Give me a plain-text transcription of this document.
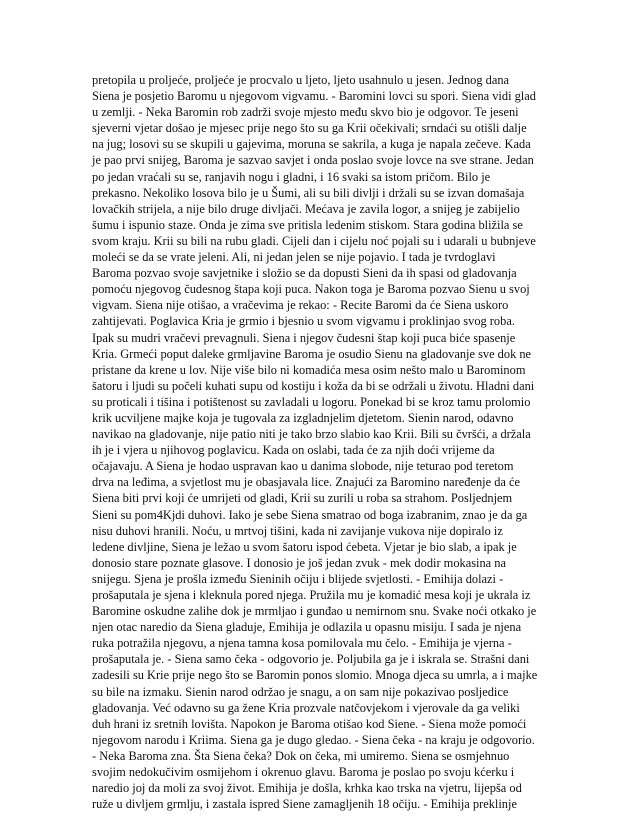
pretopila u proljeće, proljeće je procvalo u ljeto, ljeto usahnulo u jesen. Jednog dana
Siena je posjetio Baromu u njegovom vigvamu. - Baromini lovci su spori. Siena vidi glad
u zemlji. - Neka Baromin rob zadrži svoje mjesto među skvo bio je odgovor. Te jeseni
sjeverni vjetar došao je mjesec prije nego što su ga Krii očekivali; srndaći su otišli dalje
na jug; losovi su se skupili u gajevima, moruna se sakrila, a kuga je napala zečeve. Kada
je pao prvi snijeg, Baroma je sazvao savjet i onda poslao svoje lovce na sve strane. Jedan
po jedan vraćali su se, ranjavih nogu i gladni, i 16 svaki sa istom pričom. Bilo je
prekasno. Nekoliko losova bilo je u Šumi, ali su bili divlji i držali su se izvan domašaja
lovačkih strijela, a nije bilo druge divljači. Mećava je zavila logor, a snijeg je zabijelio
šumu i ispunio staze. Onda je zima sve pritisla ledenim stiskom. Stara godina bližila se
svom kraju. Krii su bili na rubu gladi. Cijeli dan i cijelu noć pojali su i udarali u bubnjeve
moleći se da se vrate jeleni. Ali, ni jedan jelen se nije pojavio. I tada je tvrdoglavi
Baroma pozvao svoje savjetnike i složio se da dopusti Sieni da ih spasi od gladovanja
pomoću njegovog čudesnog štapa koji puca. Nakon toga je Baroma pozvao Sienu u svoj
vigvam. Siena nije otišao, a vračevima je rekao: - Recite Baromi da će Siena uskoro
zahtijevati. Poglavica Kria je grmio i bjesnio u svom vigvamu i proklinjao svog roba.
Ipak su mudri vračevi prevagnuli. Siena i njegov čudesni štap koji puca biće spasenje
Kria. Grmeći poput daleke grmljavine Baroma je osudio Sienu na gladovanje sve dok ne
pristane da krene u lov. Nije više bilo ni komadića mesa osim nešto malo u Barominom
šatoru i ljudi su počeli kuhati supu od kostiju i koža da bi se održali u životu. Hladni dani
su proticali i tišina i potištenost su zavladali u logoru. Ponekad bi se kroz tamu prolomio
krik ucviljene majke koja je tugovala za izgladnjelim djetetom. Sienin narod, odavno
navikao na gladovanje, nije patio niti je tako brzo slabio kao Krii. Bili su čvršći, a držala
ih je i vjera u njihovog poglavicu. Kada on oslabi, tada će za njih doći vrijeme da
očajavaju. A Siena je hodao uspravan kao u danima slobode, nije teturao pod teretom
drva na leđima, a svjetlost mu je obasjavala lice. Znajući za Baromino naređenje da će
Siena biti prvi koji će umrijeti od gladi, Krii su zurili u roba sa strahom. Posljednjem
Sieni su pom4Kjdi duhovi. Iako je sebe Siena smatrao od boga izabranim, znao je da ga
nisu duhovi hranili. Noću, u mrtvoj tišini, kada ni zavijanje vukova nije dopiralo iz
ledene divljine, Siena je ležao u svom šatoru ispod ćebeta. Vjetar je bio slab, a ipak je
donosio stare poznate glasove. I donosio je još jedan zvuk - mek dodir mokasina na
snijegu. Sjena je prošla između Sieninih očiju i blijede svjetlosti. - Emihija dolazi -
prošaputala je sjena i kleknula pored njega. Pružila mu je komadić mesa koji je ukrala iz
Baromine oskudne zalihe dok je mrmljao i gunđao u nemirnom snu. Svake noći otkako je
njen otac naredio da Siena gladuje, Emihija je odlazila u opasnu misiju. I sada je njena
ruka potražila njegovu, a njena tamna kosa pomilovala mu čelo. - Emihija je vjerna -
prošaputala je. - Siena samo čeka - odgovorio je. Poljubila ga je i iskrala se. Strašni dani
zadesili su Krie prije nego što se Baromin ponos slomio. Mnoga djeca su umrla, a i majke
su bile na izmaku. Sienin narod održao je snagu, a on sam nije pokazivao posljedice
gladovanja. Već odavno su ga žene Kria prozvale natčovjekom i vjerovale da ga veliki
duh hrani iz sretnih lovišta. Napokon je Baroma otišao kod Siene. - Siena može pomoći
njegovom narodu i Kriima. Siena ga je dugo gledao. - Siena čeka - na kraju je odgovorio.
- Neka Baroma zna. Šta Siena čeka? Dok on čeka, mi umiremo. Siena se osmjehnuo
svojim nedokučivim osmijehom i okrenuo glavu. Baroma je poslao po svoju kćerku i
naredio joj da moli za svoj život. Emihija je došla, krhka kao trska na vjetru, lijepša od
ruže u divljem grmlju, i zastala ispred Siene zamagljenih 18 očiju. - Emihija preklinje
